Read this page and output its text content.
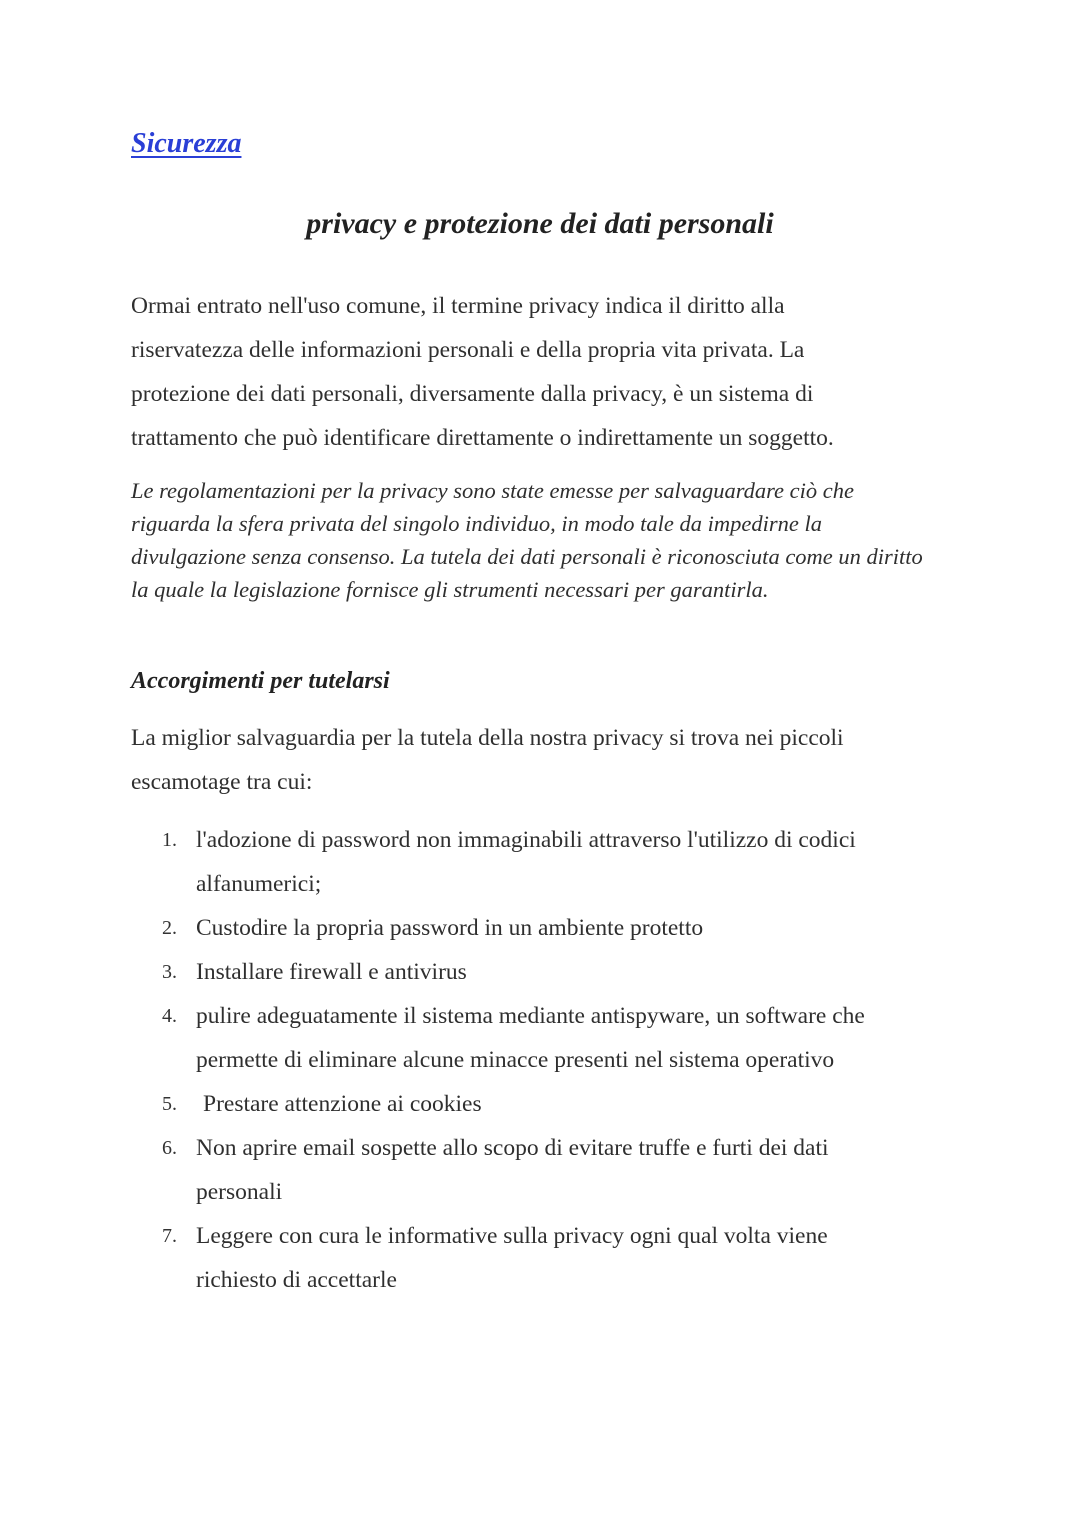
Sicurezza
privacy e protezione dei dati personali
Ormai entrato nell'uso comune, il termine privacy indica il diritto alla
riservatezza delle informazioni personali e della propria vita privata. La
protezione dei dati personali, diversamente dalla privacy, è un sistema di
trattamento che può identificare direttamente o indirettamente un soggetto.
Le regolamentazioni per la privacy sono state emesse per salvaguardare ciò che
riguarda la sfera privata del singolo individuo, in modo tale da impedirne la
divulgazione senza consenso. La tutela dei dati personali è riconosciuta come un diritto
la quale la legislazione fornisce gli strumenti necessari per garantirla.
Accorgimenti per tutelarsi
La miglior salvaguardia per la tutela della nostra privacy si trova nei piccoli
escamotage tra cui:
1. l'adozione di password non immaginabili attraverso l'utilizzo di codici
alfanumerici;
2. Custodire la propria password in un ambiente protetto
3. Installare firewall e antivirus
4. pulire adeguatamente il sistema mediante antispyware, un software che
permette di eliminare alcune minacce presenti nel sistema operativo
5.	Prestare attenzione ai cookies
6. Non aprire email sospette allo scopo di evitare truffe e furti dei dati
personali
7. Leggere con cura le informative sulla privacy ogni qual volta viene
richiesto di accettarle
